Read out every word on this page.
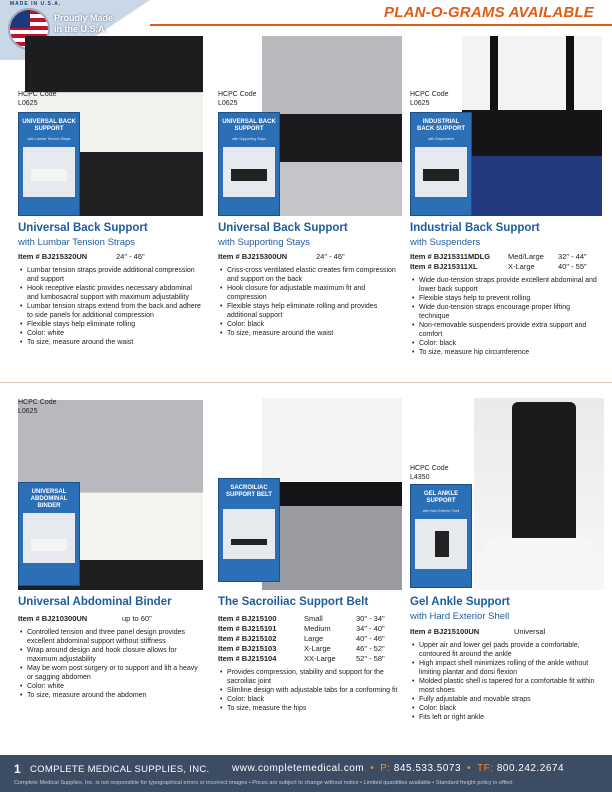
MADE IN U.S.A.
Proudly Made
in the U.S.A.
PLAN-O-GRAMS AVAILABLE
HCPC Code
L0625
UNIVERSAL BACK SUPPORT
with Lumbar Tension Straps
Universal Back Support
with Lumbar Tension Straps
Item # BJ215320UN	24" - 46"
• Lumbar tension straps provide additional compression and support
• Hook receptive elastic provides necessary abdominal and lumbosacral support with maximum adjustability
• Lumbar tension straps extend from the back and adhere to side panels for additional compression
• Flexible stays help eliminate rolling
• Color: white
• To size, measure around the waist
HCPC Code
L0625
UNIVERSAL BACK SUPPORT
with Supporting Stays
Universal Back Support
with Supporting Stays
Item # BJ215300UN	24" - 46"
• Criss-cross ventilated elastic creates firm compression and support on the back
• Hook closure for adjustable maximum fit and compression
• Flexible stays help eliminate rolling and provides additional support
• Color: black
• To size, measure around the waist
HCPC Code
L0625
INDUSTRIAL BACK SUPPORT
with Suspenders
Industrial Back Support
with Suspenders
Item # BJ215311MDLG	Med/Large	32" - 44"
Item # BJ215311XL	X-Large	40" - 55"
• Wide duo-tension straps provide excellent abdominal and lower back support
• Flexible stays help to prevent rolling
• Wide duo-tension straps encourage proper lifting technique
• Non-removable suspenders provide extra support and comfort
• Color: black
• To size, measure hip circumference
HCPC Code
L0625
UNIVERSAL ABDOMINAL BINDER
Universal Abdominal Binder
Item # BJ210300UN	up to 60"
• Controlled tension and three panel design provides excellent abdominal support without stiffness
• Wrap around design and hook closure allows for maximum adjustability
• May be worn post surgery or to support and lift a heavy or sagging abdomen
• Color: white
• To size, measure around the abdomen
SACROILIAC SUPPORT BELT
The Sacroiliac Support Belt
Item # BJ215100	Small	30" - 34"
Item # BJ215101	Medium	34" - 40"
Item # BJ215102	Large	40" - 46"
Item # BJ215103	X-Large	46" - 52"
Item # BJ215104	XX-Large	52" - 58"
• Provides compression, stability and support for the sacroiliac joint
• Slimline design with adjustable tabs for a conforming fit
• Color: black
• To size, measure the hips
HCPC Code
L4350
GEL ANKLE SUPPORT
with Hard Exterior Shell
Gel Ankle Support
with Hard Exterior Shell
Item # BJ215100UN	Universal
• Upper air and lower gel pads provide a comfortable, contoured fit around the ankle
• High impact shell minimizes rolling of the ankle without limiting plantar and dorsi flexion
• Molded plastic shell is tapered for a comfortable fit within most shoes
• Fully adjustable and movable straps
• Color: black
• Fits left or right ankle
1 COMPLETE MEDICAL SUPPLIES, INC. www.completemedical.com • P: 845.533.5073 • TF: 800.242.2674
Complete Medical Supplies, Inc. is not responsible for typographical errors or incorrect images • Prices are subject to change without notice • Limited quantities available • Standard freight policy in effect
